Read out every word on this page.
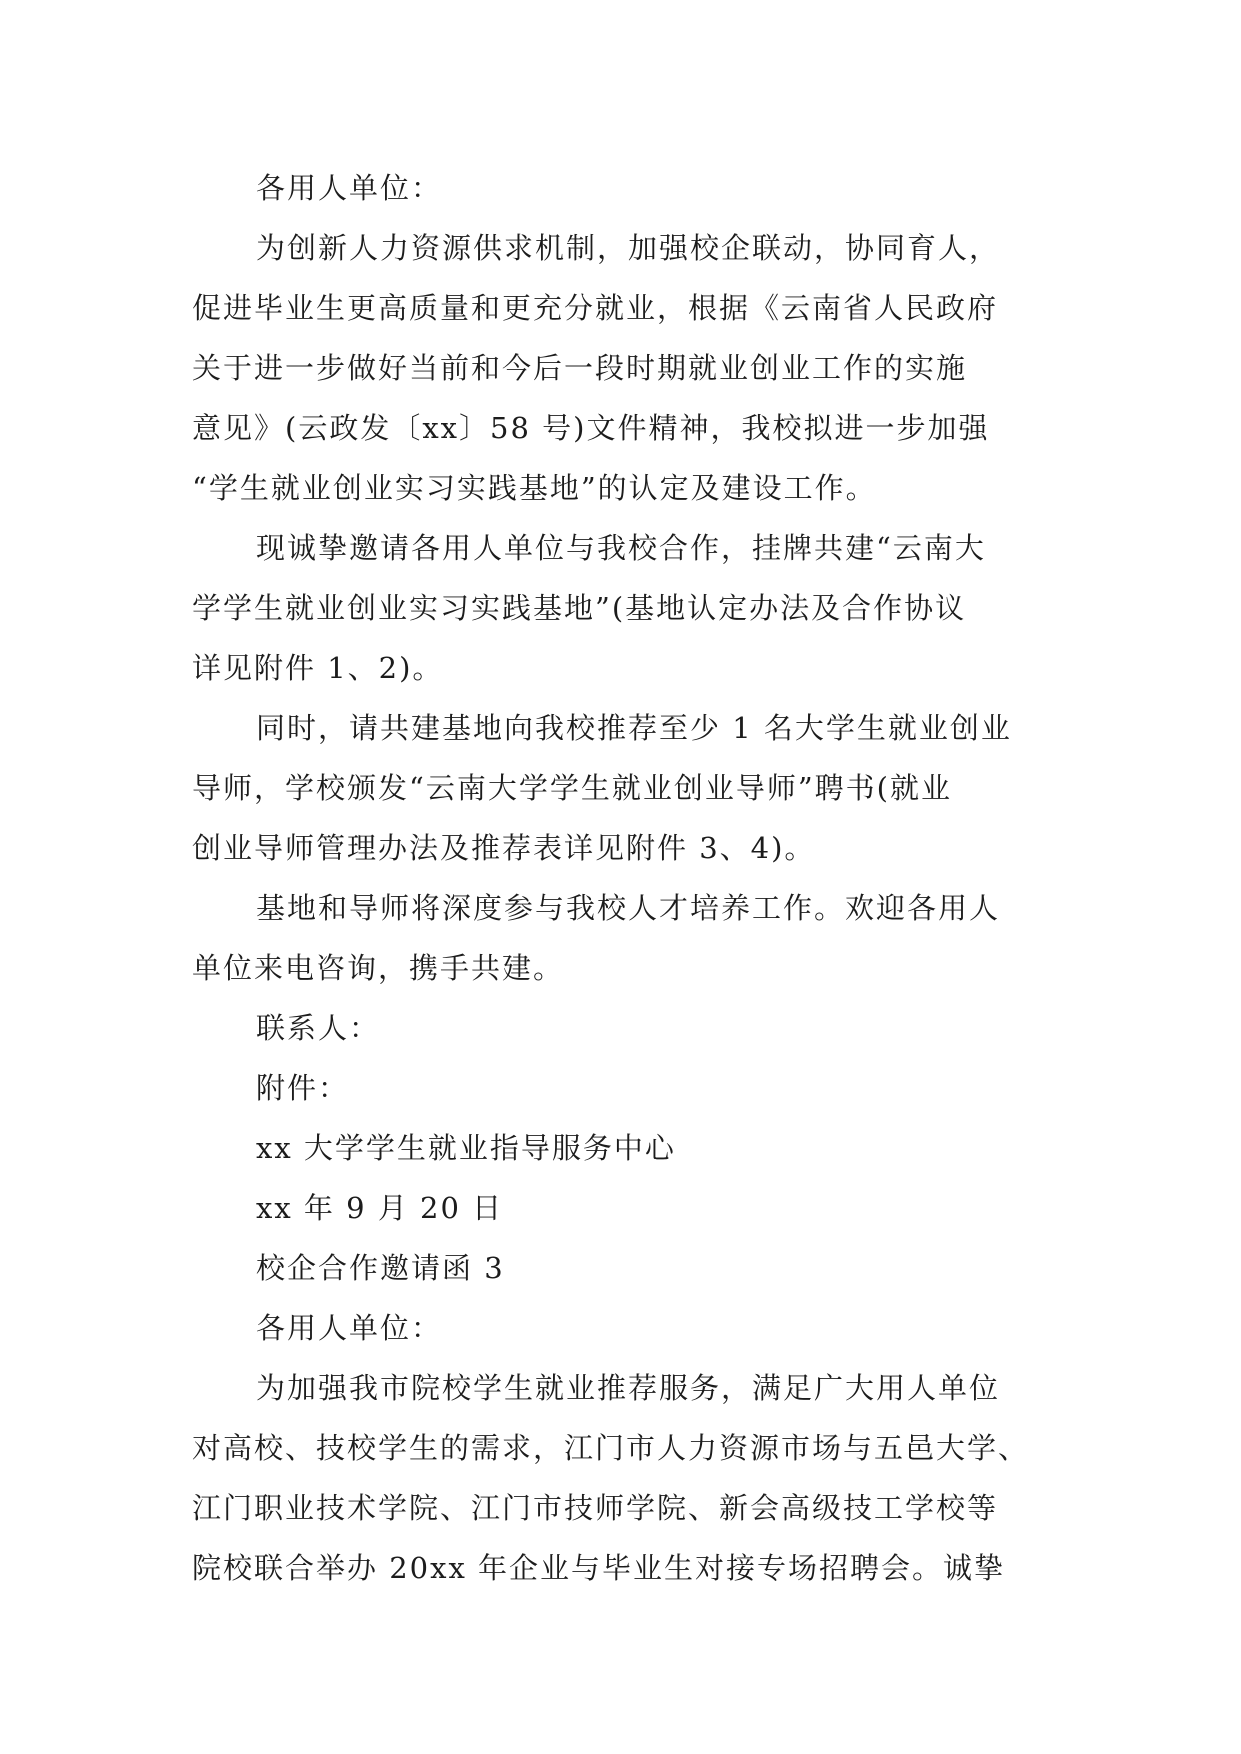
各用人单位：
为创新人力资源供求机制，加强校企联动，协同育人，
促进毕业生更高质量和更充分就业，根据《云南省人民政府
关于进一步做好当前和今后一段时期就业创业工作的实施
意见》(云政发〔xx〕58 号)文件精神，我校拟进一步加强
“学生就业创业实习实践基地”的认定及建设工作。
现诚挚邀请各用人单位与我校合作，挂牌共建“云南大
学学生就业创业实习实践基地”(基地认定办法及合作协议
详见附件 1、2)。
同时，请共建基地向我校推荐至少 1 名大学生就业创业
导师，学校颁发“云南大学学生就业创业导师”聘书(就业
创业导师管理办法及推荐表详见附件 3、4)。
基地和导师将深度参与我校人才培养工作。欢迎各用人
单位来电咨询，携手共建。
联系人：
附件：
xx 大学学生就业指导服务中心
xx 年 9 月 20 日
校企合作邀请函 3
各用人单位：
为加强我市院校学生就业推荐服务，满足广大用人单位
对高校、技校学生的需求，江门市人力资源市场与五邑大学、
江门职业技术学院、江门市技师学院、新会高级技工学校等
院校联合举办 20xx 年企业与毕业生对接专场招聘会。诚挚
